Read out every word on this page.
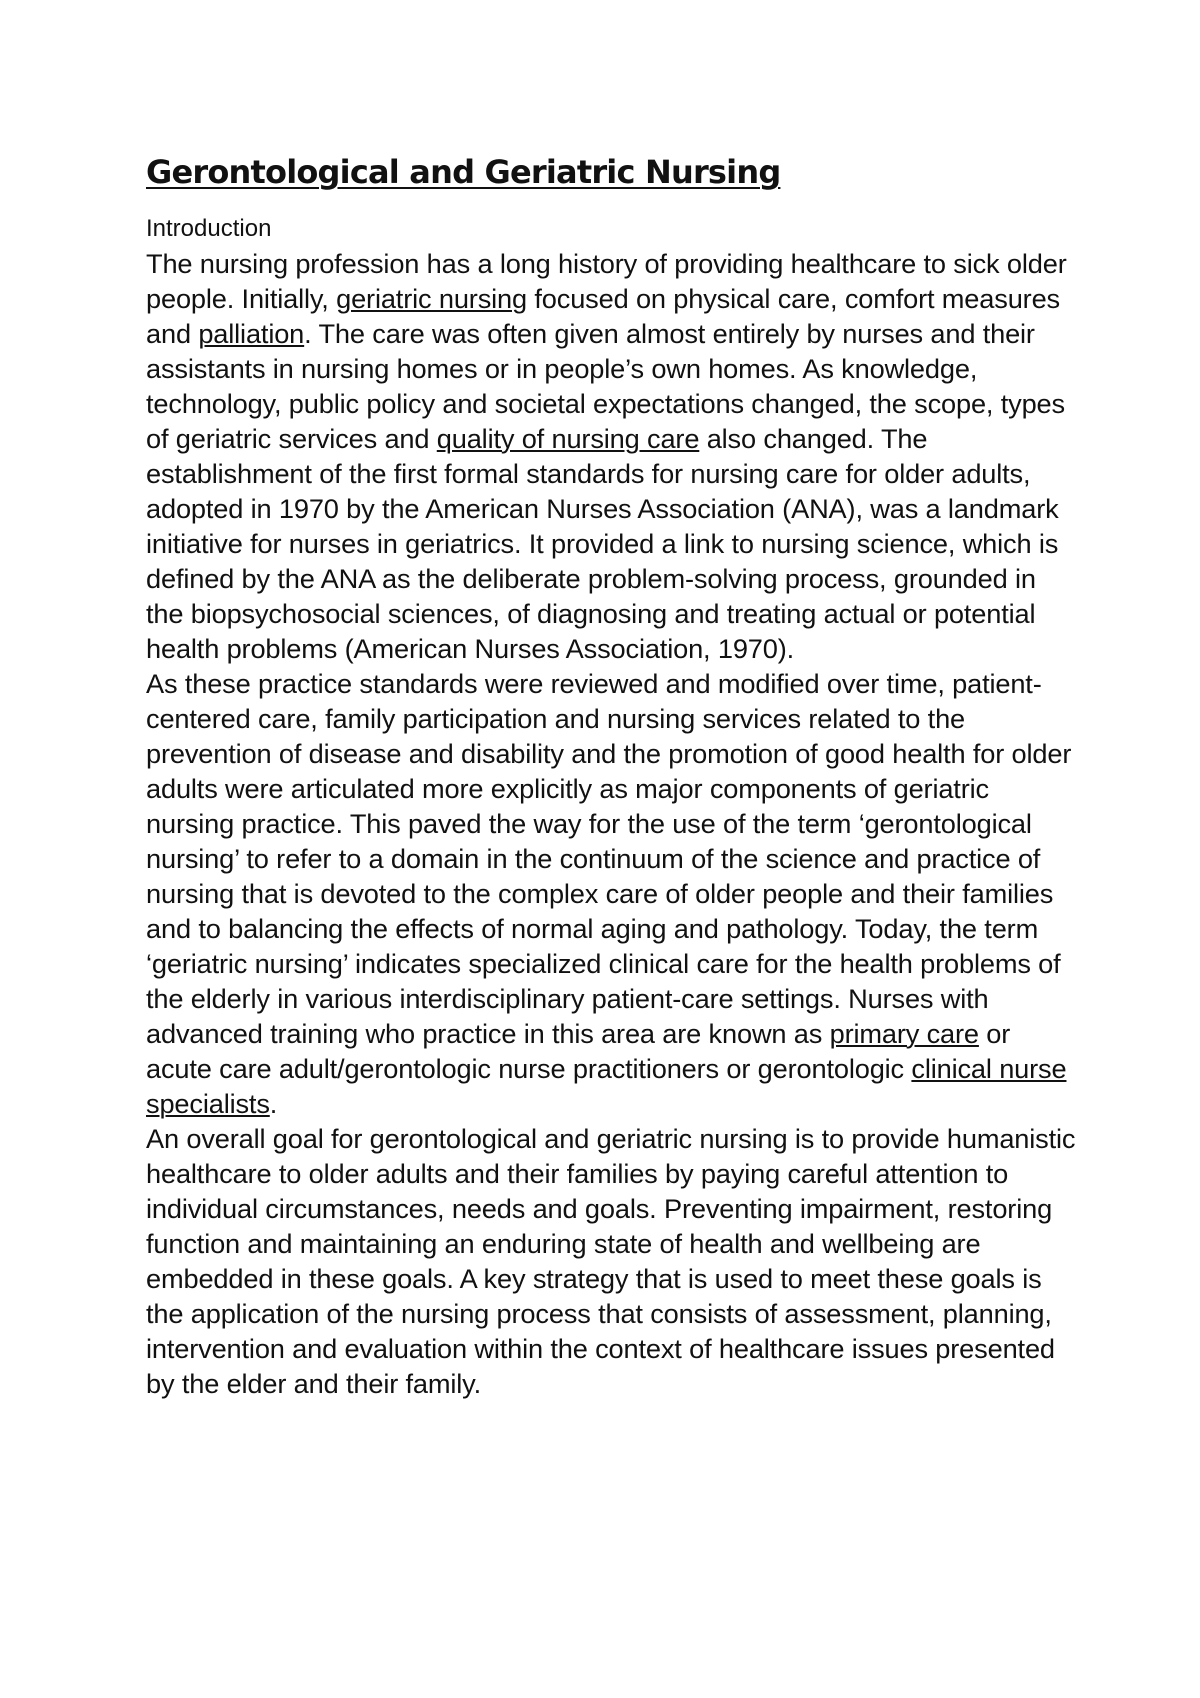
Gerontological and Geriatric Nursing
Introduction

The nursing profession has a long history of providing healthcare to sick older people. Initially, geriatric nursing focused on physical care, comfort measures and palliation. The care was often given almost entirely by nurses and their assistants in nursing homes or in people’s own homes. As knowledge, technology, public policy and societal expectations changed, the scope, types of geriatric services and quality of nursing care also changed. The establishment of the first formal standards for nursing care for older adults, adopted in 1970 by the American Nurses Association (ANA), was a landmark initiative for nurses in geriatrics. It provided a link to nursing science, which is defined by the ANA as the deliberate problem-solving process, grounded in the biopsychosocial sciences, of diagnosing and treating actual or potential health problems (American Nurses Association, 1970).

As these practice standards were reviewed and modified over time, patient-centered care, family participation and nursing services related to the prevention of disease and disability and the promotion of good health for older adults were articulated more explicitly as major components of geriatric nursing practice. This paved the way for the use of the term ‘gerontological nursing’ to refer to a domain in the continuum of the science and practice of nursing that is devoted to the complex care of older people and their families and to balancing the effects of normal aging and pathology. Today, the term ‘geriatric nursing’ indicates specialized clinical care for the health problems of the elderly in various interdisciplinary patient-care settings. Nurses with advanced training who practice in this area are known as primary care or acute care adult/gerontologic nurse practitioners or gerontologic clinical nurse specialists.

An overall goal for gerontological and geriatric nursing is to provide humanistic healthcare to older adults and their families by paying careful attention to individual circumstances, needs and goals. Preventing impairment, restoring function and maintaining an enduring state of health and wellbeing are embedded in these goals. A key strategy that is used to meet these goals is the application of the nursing process that consists of assessment, planning, intervention and evaluation within the context of healthcare issues presented by the elder and their family.
